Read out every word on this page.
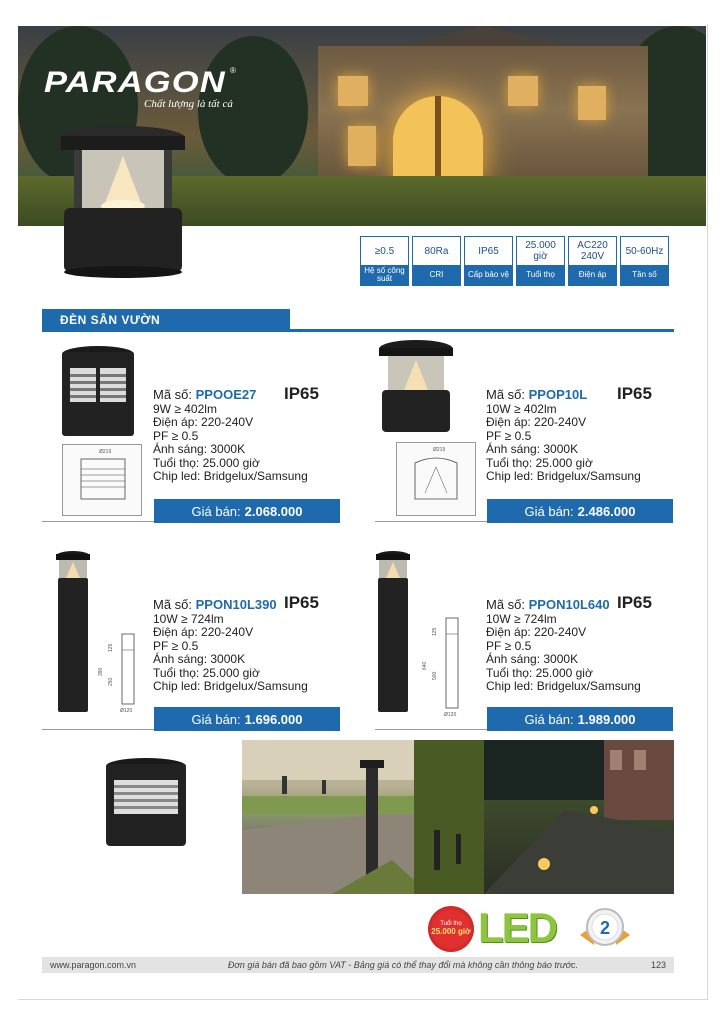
PARAGON ®
Chất lượng là tất cả
≥0.5
Hệ số công suất
80Ra
CRI
IP65
Cấp bảo vệ
25.000 giờ
Tuổi thọ
AC220 240V
Điện áp
50-60Hz
Tần số
ĐÈN SÂN VƯỜN
Ø219
Mã số: PPOOE27
9W ≥ 402lm
Điện áp: 220-240V
PF ≥ 0.5
Ánh sáng: 3000K
Tuổi thọ: 25.000 giờ
Chip led: Bridgelux/Samsung
IP65
Giá bán: 2.068.000
Ø219
Mã số: PPOP10L
10W ≥ 402lm
Điện áp: 220-240V
PF ≥ 0.5
Ánh sáng: 3000K
Tuổi thọ: 25.000 giờ
Chip led: Bridgelux/Samsung
IP65
Giá bán: 2.486.000
390
125
250
Ø120
Mã số: PPON10L390
10W ≥ 724lm
Điện áp: 220-240V
PF ≥ 0.5
Ánh sáng: 3000K
Tuổi thọ: 25.000 giờ
Chip led: Bridgelux/Samsung
IP65
Giá bán: 1.696.000
640
125
500
Ø120
Mã số: PPON10L640
10W ≥ 724lm
Điện áp: 220-240V
PF ≥ 0.5
Ánh sáng: 3000K
Tuổi thọ: 25.000 giờ
Chip led: Bridgelux/Samsung
IP65
Giá bán: 1.989.000
Tuổi thọ
25.000 giờ LED 2
www.paragon.com.vn	Đơn giá bán đã bao gồm VAT - Bảng giá có thể thay đổi mà không cần thông báo trước.	123
